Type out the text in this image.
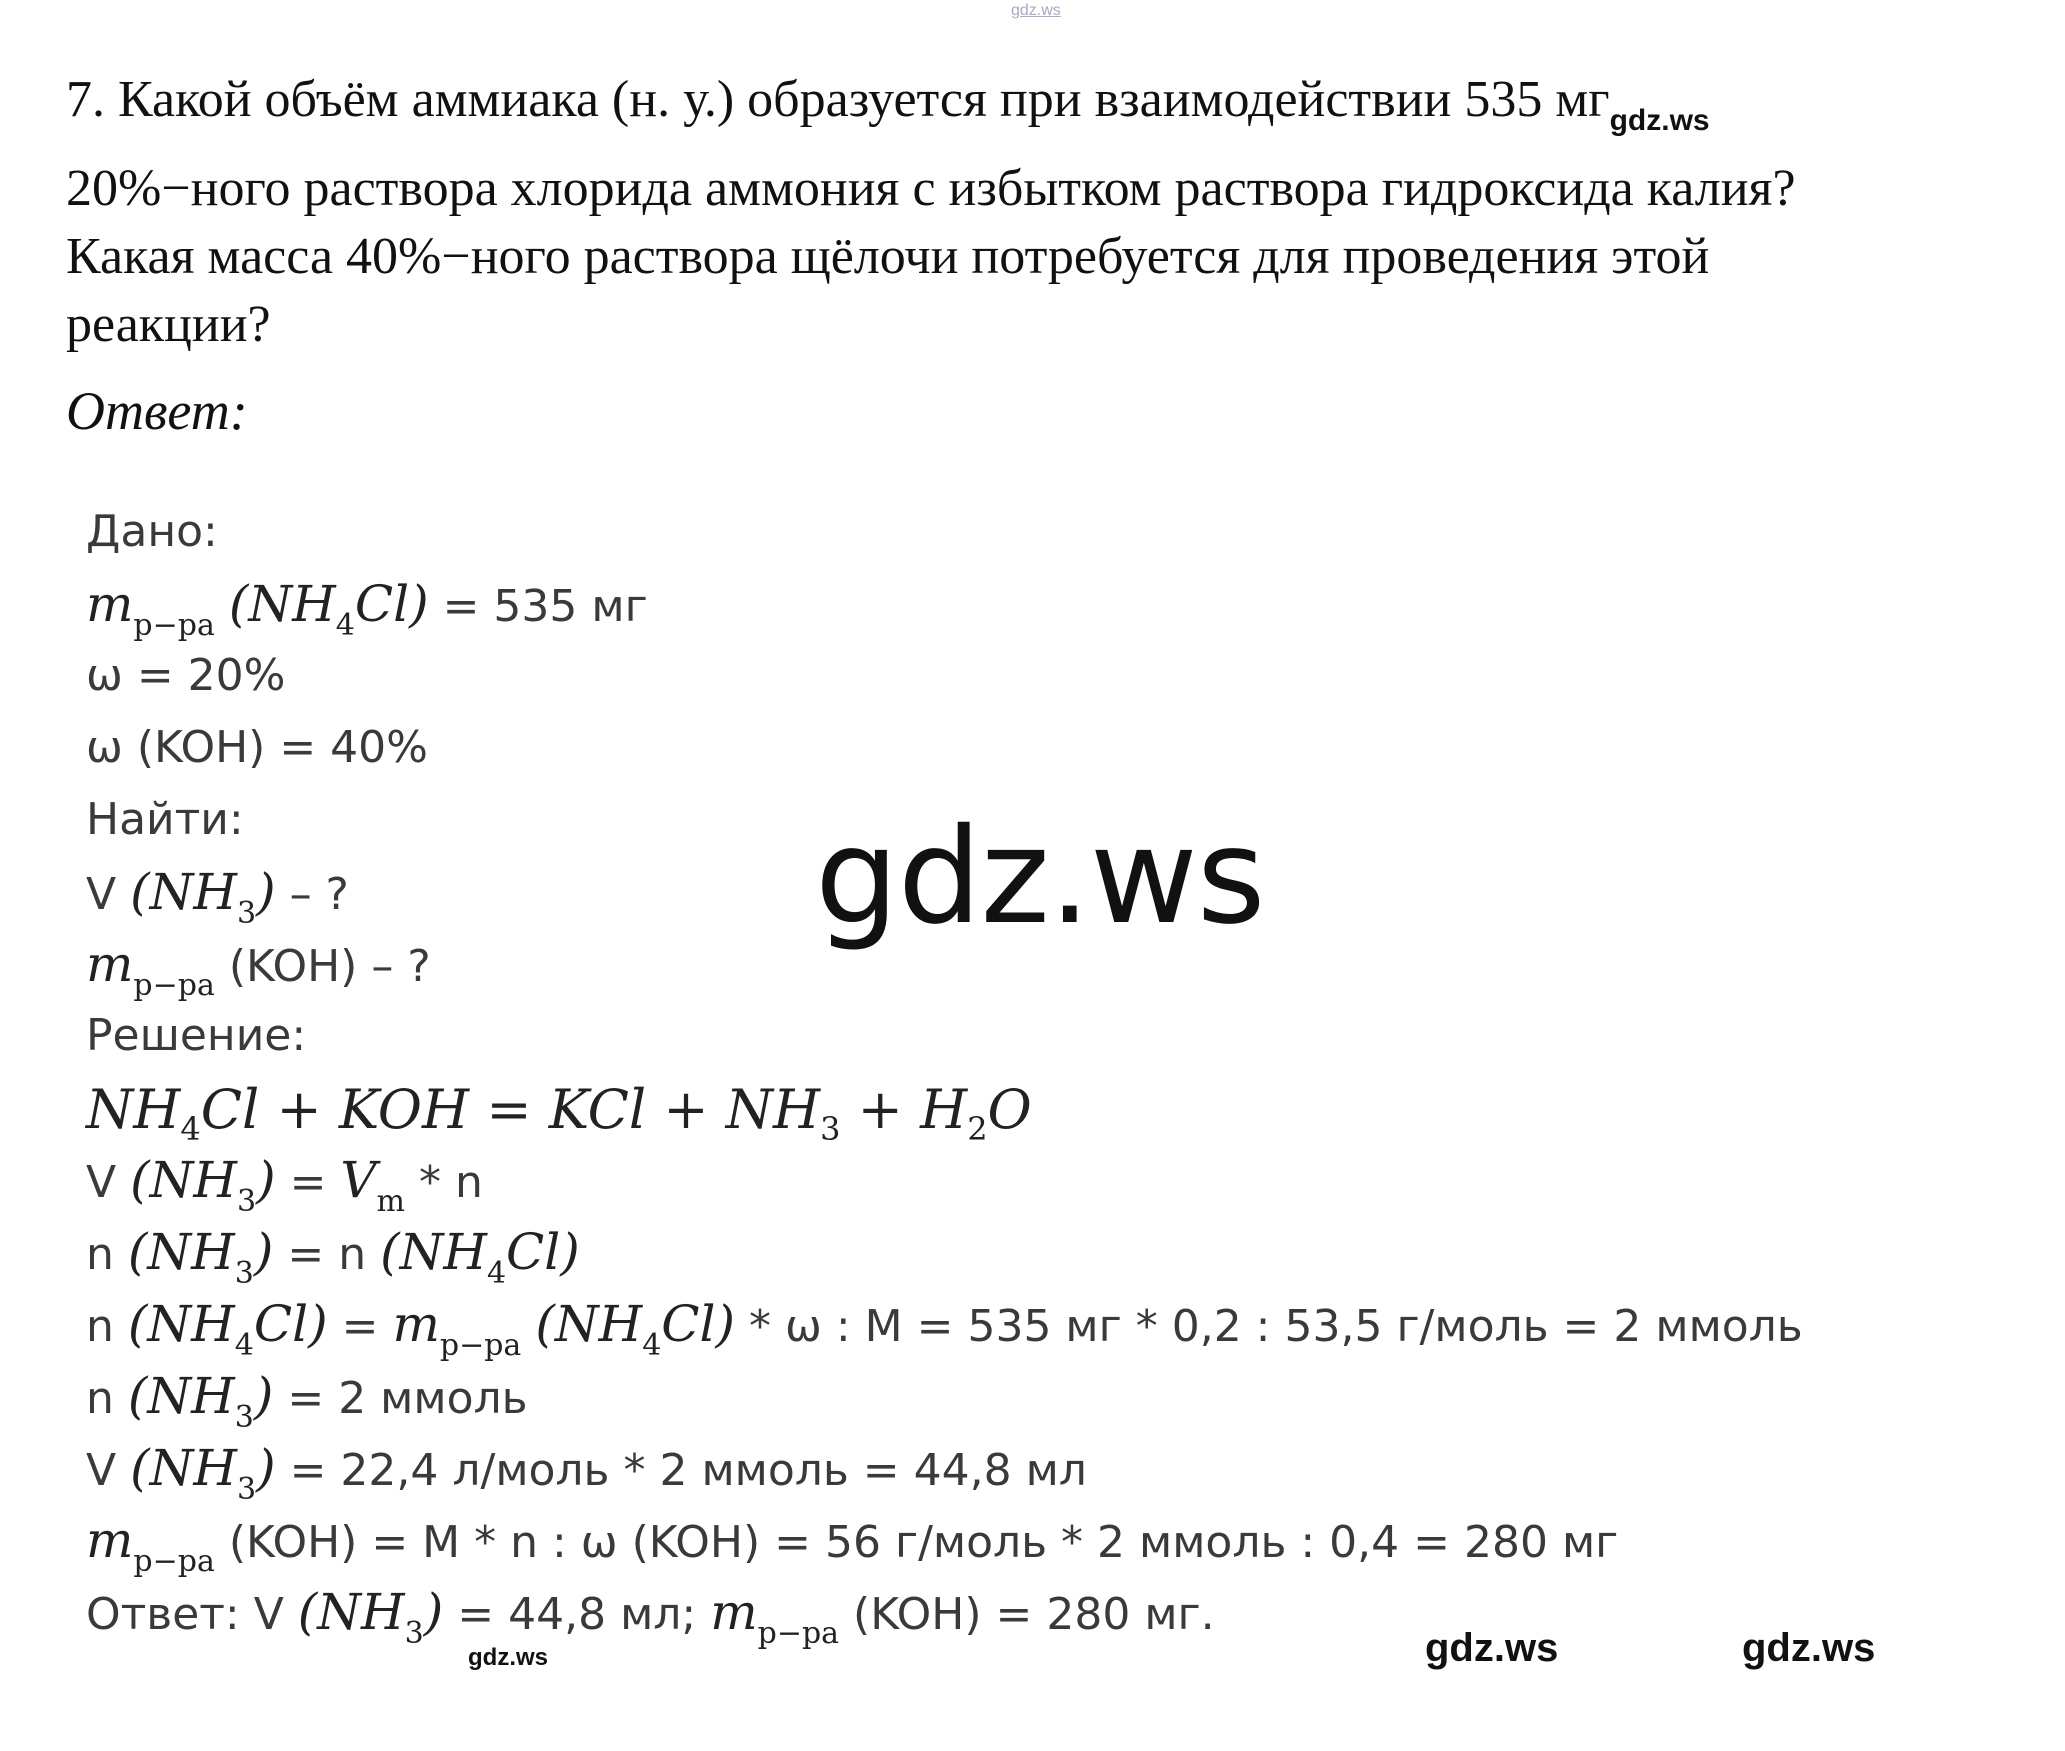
gdz.ws
7. Какой объём аммиака (н. у.) образуется при взаимодействии 535 $мг_{gdz.ws}$
20%−ного раствора хлорида аммония с избытком раствора гидроксида калия?
Какая масса 40%−ного раствора щёлочи потребуется для проведения этой
реакции?
Ответ:
Дано:
$m_{р-ра}$ $(NH_4Cl) = 535$ мг
ω = 20%
ω (KOH) = 40%
Найти:
V $(NH_3)$ – ?
$m_{р-ра}$ (KOH) – ?
Решение:
$NH_4Cl$ + KOH = KCl + $NH_3 + H_2O$
V $(NH_3) = V_m * n$
n $(NH_3) = n$ $(NH_4Cl)$
n $(NH_4Cl) = m_{р-ра}$ $(NH_4Cl)$ * ω : M = 535 мг * 0,2 : 53,5 г/моль = 2 ммоль
n $(NH_3) = 2$ ммоль
V $(NH_3) = 22,4$ л/моль * 2 ммоль = 44,8 мл
$m_{р-ра}$ (KOH) = M * n : ω (KOH) = 56 г/моль * 2 ммоль : 0,4 = 280 мг
Ответ: V $(NH_3) = 44,8$ мл; $m_{р-ра}$ (KOH) = 280 мг.
gdz.ws
gdz.ws	gdz.ws	gdz.ws
